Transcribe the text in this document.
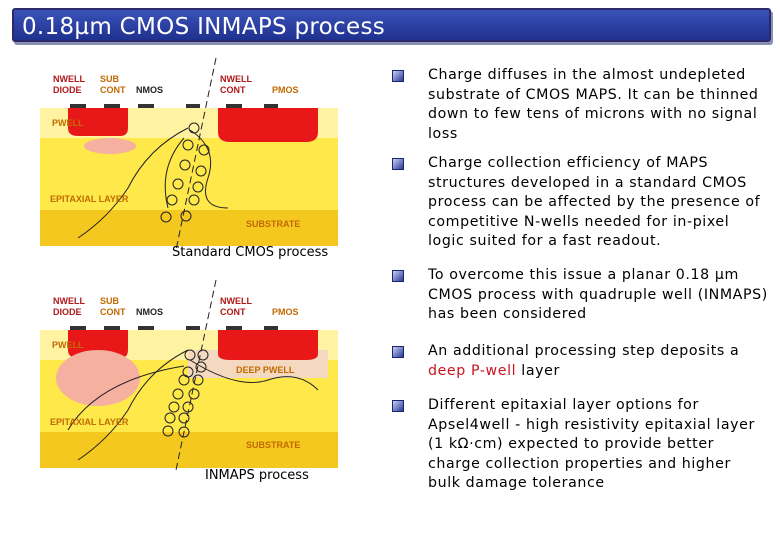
0.18µm CMOS INMAPS process
NWELL
DIODE
SUB
CONT NMOS
NWELL
CONT	PMOS
PWELL
EPITAXIAL LAYER
SUBSTRATE
Standard CMOS process
NWELL
DIODE
SUB
CONT NMOS
NWELL
CONT	PMOS
PWELL
DEEP PWELL
EPITAXIAL LAYER
SUBSTRATE
INMAPS process
Charge diffuses in the almost undepleted substrate of CMOS MAPS. It can be thinned down to few tens of microns with no signal loss
Charge collection efficiency of MAPS structures developed in a standard CMOS process can be affected by the presence of competitive N-wells needed for in-pixel logic suited for a fast readout.
To overcome this issue a planar 0.18 µm CMOS process with quadruple well (INMAPS) has been considered
An additional processing step deposits a deep P-well layer
Different epitaxial layer options for Apsel4well - high resistivity epitaxial layer (1 kΩ·cm) expected to provide better charge collection properties and higher bulk damage tolerance
